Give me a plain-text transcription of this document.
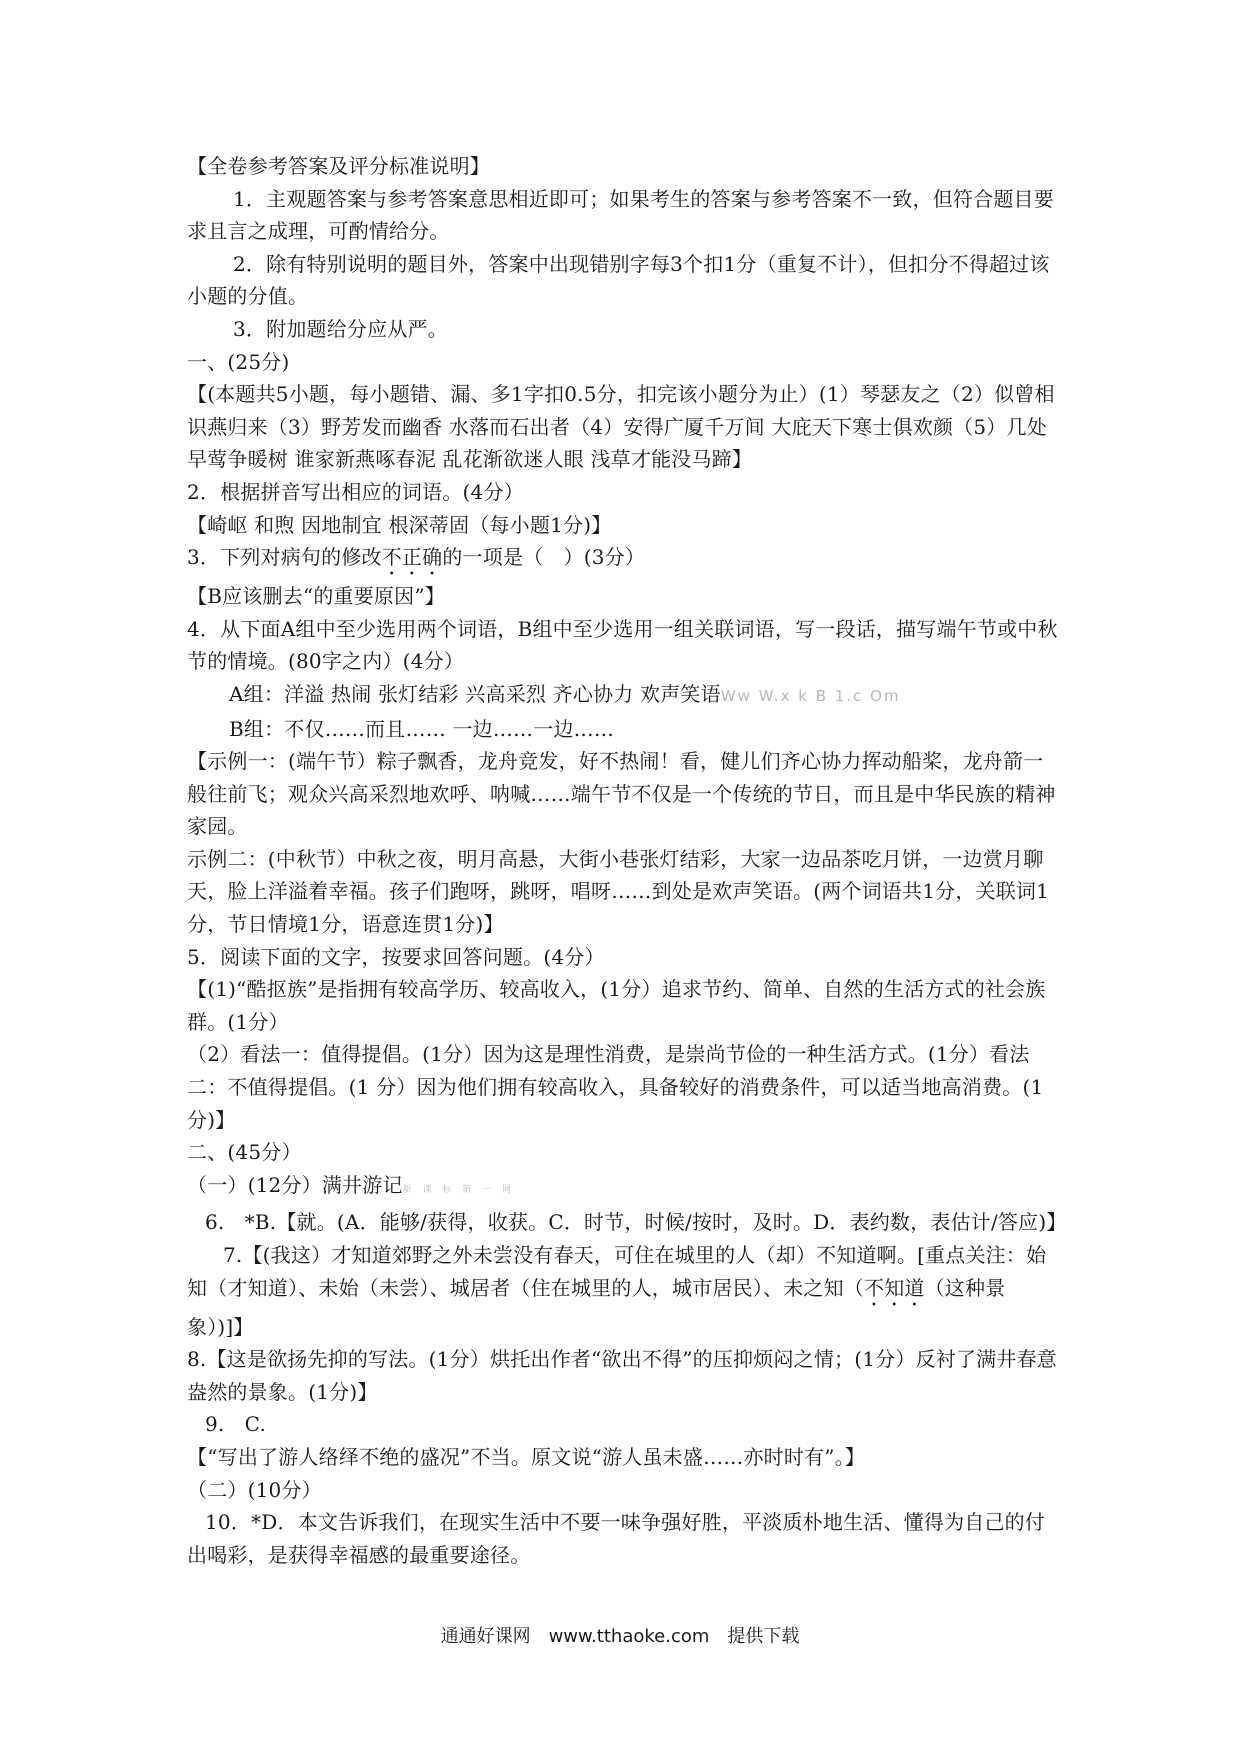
【全卷参考答案及评分标准说明】

1．主观题答案与参考答案意思相近即可；如果考生的答案与参考答案不一致，但符合题目要求且言之成理，可酌情给分。

2．除有特别说明的题目外，答案中出现错别字每3个扣1分（重复不计），但扣分不得超过该小题的分值。

3．附加题给分应从严。

一、(25分)

【(本题共5小题，每小题错、漏、多1字扣0.5分，扣完该小题分为止）(1）琴瑟友之（2）似曾相识燕归来（3）野芳发而幽香 水落而石出者（4）安得广厦千万间 大庇天下寒士俱欢颜（5）几处早莺争暖树 谁家新燕啄春泥 乱花渐欲迷人眼 浅草才能没马蹄】

2．根据拼音写出相应的词语。(4分）

【崎岖 和煦 因地制宜 根深蒂固（每小题1分)】

3．下列对病句的修改不正确的一项是（　）(3分）

【B应该删去“的重要原因”】

4．从下面A组中至少选用两个词语，B组中至少选用一组关联词语，写一段话，描写端午节或中秋节的情境。(80字之内）(4分）

A组：洋溢 热闹 张灯结彩 兴高采烈 齐心协力 欢声笑语Ww W.x k B 1.c Om

B组：不仅……而且…… 一边……一边……

【示例一：(端午节）粽子飘香，龙舟竞发，好不热闹！看，健儿们齐心协力挥动船桨，龙舟箭一般往前飞；观众兴高采烈地欢呼、呐喊……端午节不仅是一个传统的节日，而且是中华民族的精神家园。

示例二：(中秋节）中秋之夜，明月高悬，大街小巷张灯结彩，大家一边品茶吃月饼，一边赏月聊天，脸上洋溢着幸福。孩子们跑呀，跳呀，唱呀……到处是欢声笑语。(两个词语共1分，关联词1分，节日情境1分，语意连贯1分)】

5．阅读下面的文字，按要求回答问题。(4分）

【(1)“酷抠族”是指拥有较高学历、较高收入，(1分）追求节约、简单、自然的生活方式的社会族群。(1分）

（2）看法一：值得提倡。(1分）因为这是理性消费，是崇尚节俭的一种生活方式。(1分）看法二：不值得提倡。(1 分）因为他们拥有较高收入，具备较好的消费条件，可以适当地高消费。(1分)】

二、(45分）

（一）(12分）满井游记新 课 标 第 一 网

6.　*B.【就。(A．能够/获得，收获。C．时节，时候/按时，及时。D．表约数，表估计/答应)】

7.【(我这）才知道郊野之外未尝没有春天，可住在城里的人（却）不知道啊。[重点关注：始知（才知道）、未始（未尝）、城居者（住在城里的人，城市居民）、未之知（不知道（这种景象）)]】

8.【这是欲扬先抑的写法。(1分）烘托出作者“欲出不得”的压抑烦闷之情；(1分）反衬了满井春意盎然的景象。(1分)】

9.　C.

【“写出了游人络绎不绝的盛况”不当。原文说“游人虽未盛……亦时时有”。】

（二）(10分）

10．*D．本文告诉我们，在现实生活中不要一味争强好胜，平淡质朴地生活、懂得为自己的付出喝彩，是获得幸福感的最重要途径。

通通好课网　www.tthaoke.com　提供下载
